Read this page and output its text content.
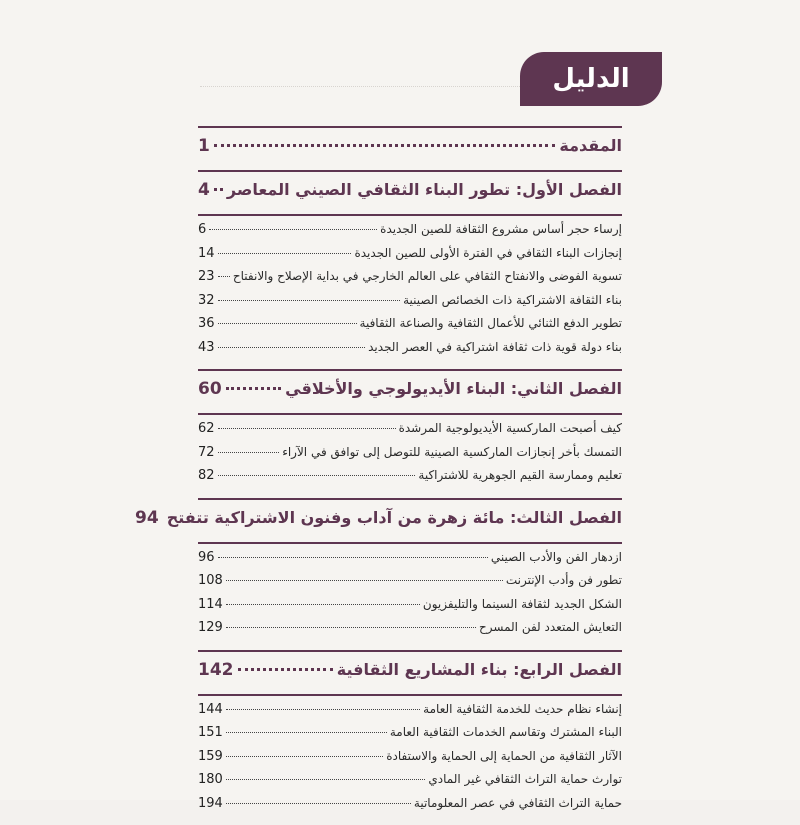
الدليل
المقدمة
1
الفصل الأول: تطور البناء الثقافي الصيني المعاصر
4
إرساء حجر أساس مشروع الثقافة للصين الجديدة
6
إنجازات البناء الثقافي في الفترة الأولى للصين الجديدة
14
تسوية الفوضى والانفتاح الثقافي على العالم الخارجي في بداية الإصلاح والانفتاح
23
بناء الثقافة الاشتراكية ذات الخصائص الصينية
32
تطوير الدفع الثنائي للأعمال الثقافية والصناعة الثقافية
36
بناء دولة قوية ذات ثقافة اشتراكية في العصر الجديد
43
الفصل الثاني: البناء الأيديولوجي والأخلاقي
60
كيف أصبحت الماركسية الأيديولوجية المرشدة
62
التمسك بأخر إنجازات الماركسية الصينية للتوصل إلى توافق في الآراء
72
تعليم وممارسة القيم الجوهرية للاشتراكية
82
الفصل الثالث: مائة زهرة من آداب وفنون الاشتراكية تتفتح
94
ازدهار الفن والأدب الصيني
96
تطور فن وأدب الإنترنت
108
الشكل الجديد لثقافة السينما والتليفزيون
114
التعايش المتعدد لفن المسرح
129
الفصل الرابع: بناء المشاريع الثقافية
142
إنشاء نظام حديث للخدمة الثقافية العامة
144
البناء المشترك وتقاسم الخدمات الثقافية العامة
151
الآثار الثقافية من الحماية إلى الحماية والاستفادة
159
توارث حماية التراث الثقافي غير المادي
180
حماية التراث الثقافي في عصر المعلوماتية
194
